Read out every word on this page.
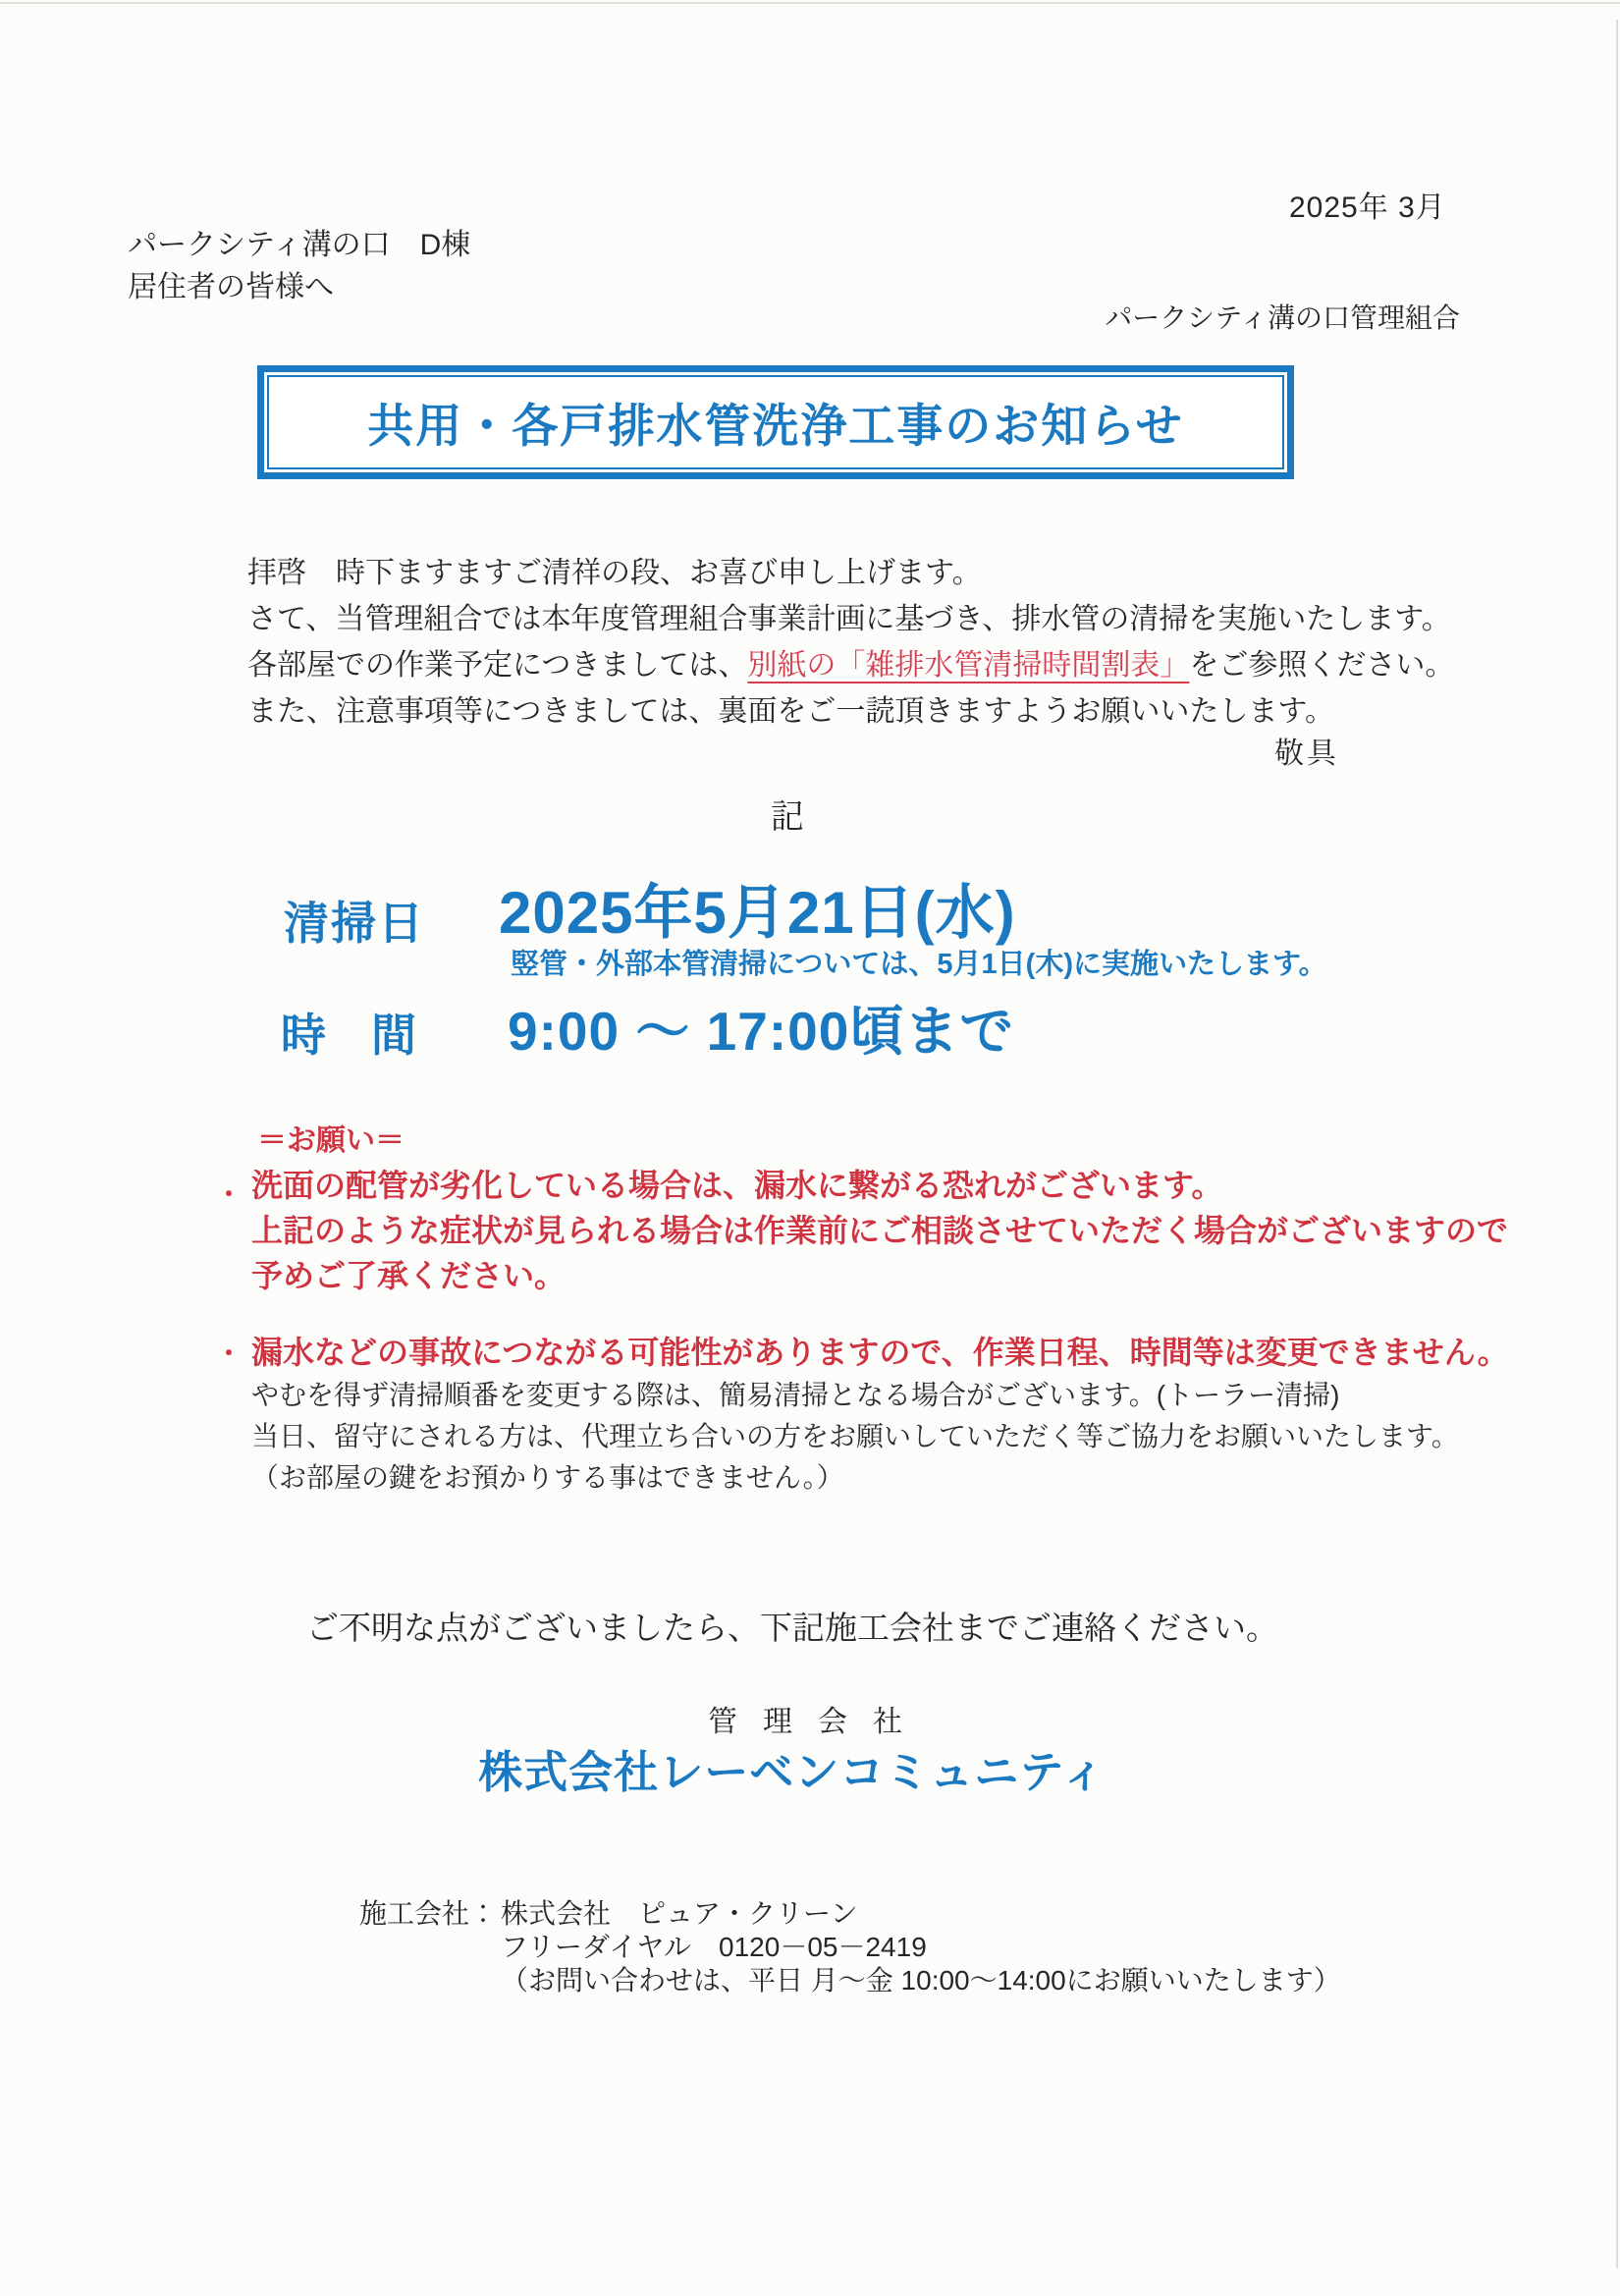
2025年 3月
パークシティ溝の口　D棟
居住者の皆様へ
パークシティ溝の口管理組合
共用・各戸排水管洗浄工事のお知らせ
拝啓　時下ますますご清祥の段、お喜び申し上げます。
さて、当管理組合では本年度管理組合事業計画に基づき、排水管の清掃を実施いたします。
各部屋での作業予定につきましては、別紙の「雑排水管清掃時間割表」をご参照ください。
また、注意事項等につきましては、裏面をご一読頂きますようお願いいたします。
敬具
記
清掃日 2025年5月21日(水)
竪管・外部本管清掃については、5月1日(木)に実施いたします。
時　間 9:00 ～ 17:00頃まで
＝お願い＝
・ 洗面の配管が劣化している場合は、漏水に繋がる恐れがございます。
上記のような症状が見られる場合は作業前にご相談させていただく場合がございますので
予めご了承ください。
・ 漏水などの事故につながる可能性がありますので、作業日程、時間等は変更できません。
やむを得ず清掃順番を変更する際は、簡易清掃となる場合がございます。(トーラー清掃)
当日、留守にされる方は、代理立ち合いの方をお願いしていただく等ご協力をお願いいたします。
（お部屋の鍵をお預かりする事はできません。）
ご不明な点がございましたら、下記施工会社までご連絡ください。
管理会社
株式会社レーベンコミュニティ
施工会社： 株式会社　ピュア・クリーン
フリーダイヤル　0120－05－2419
（お問い合わせは、平日 月～金 10:00～14:00にお願いいたします）
